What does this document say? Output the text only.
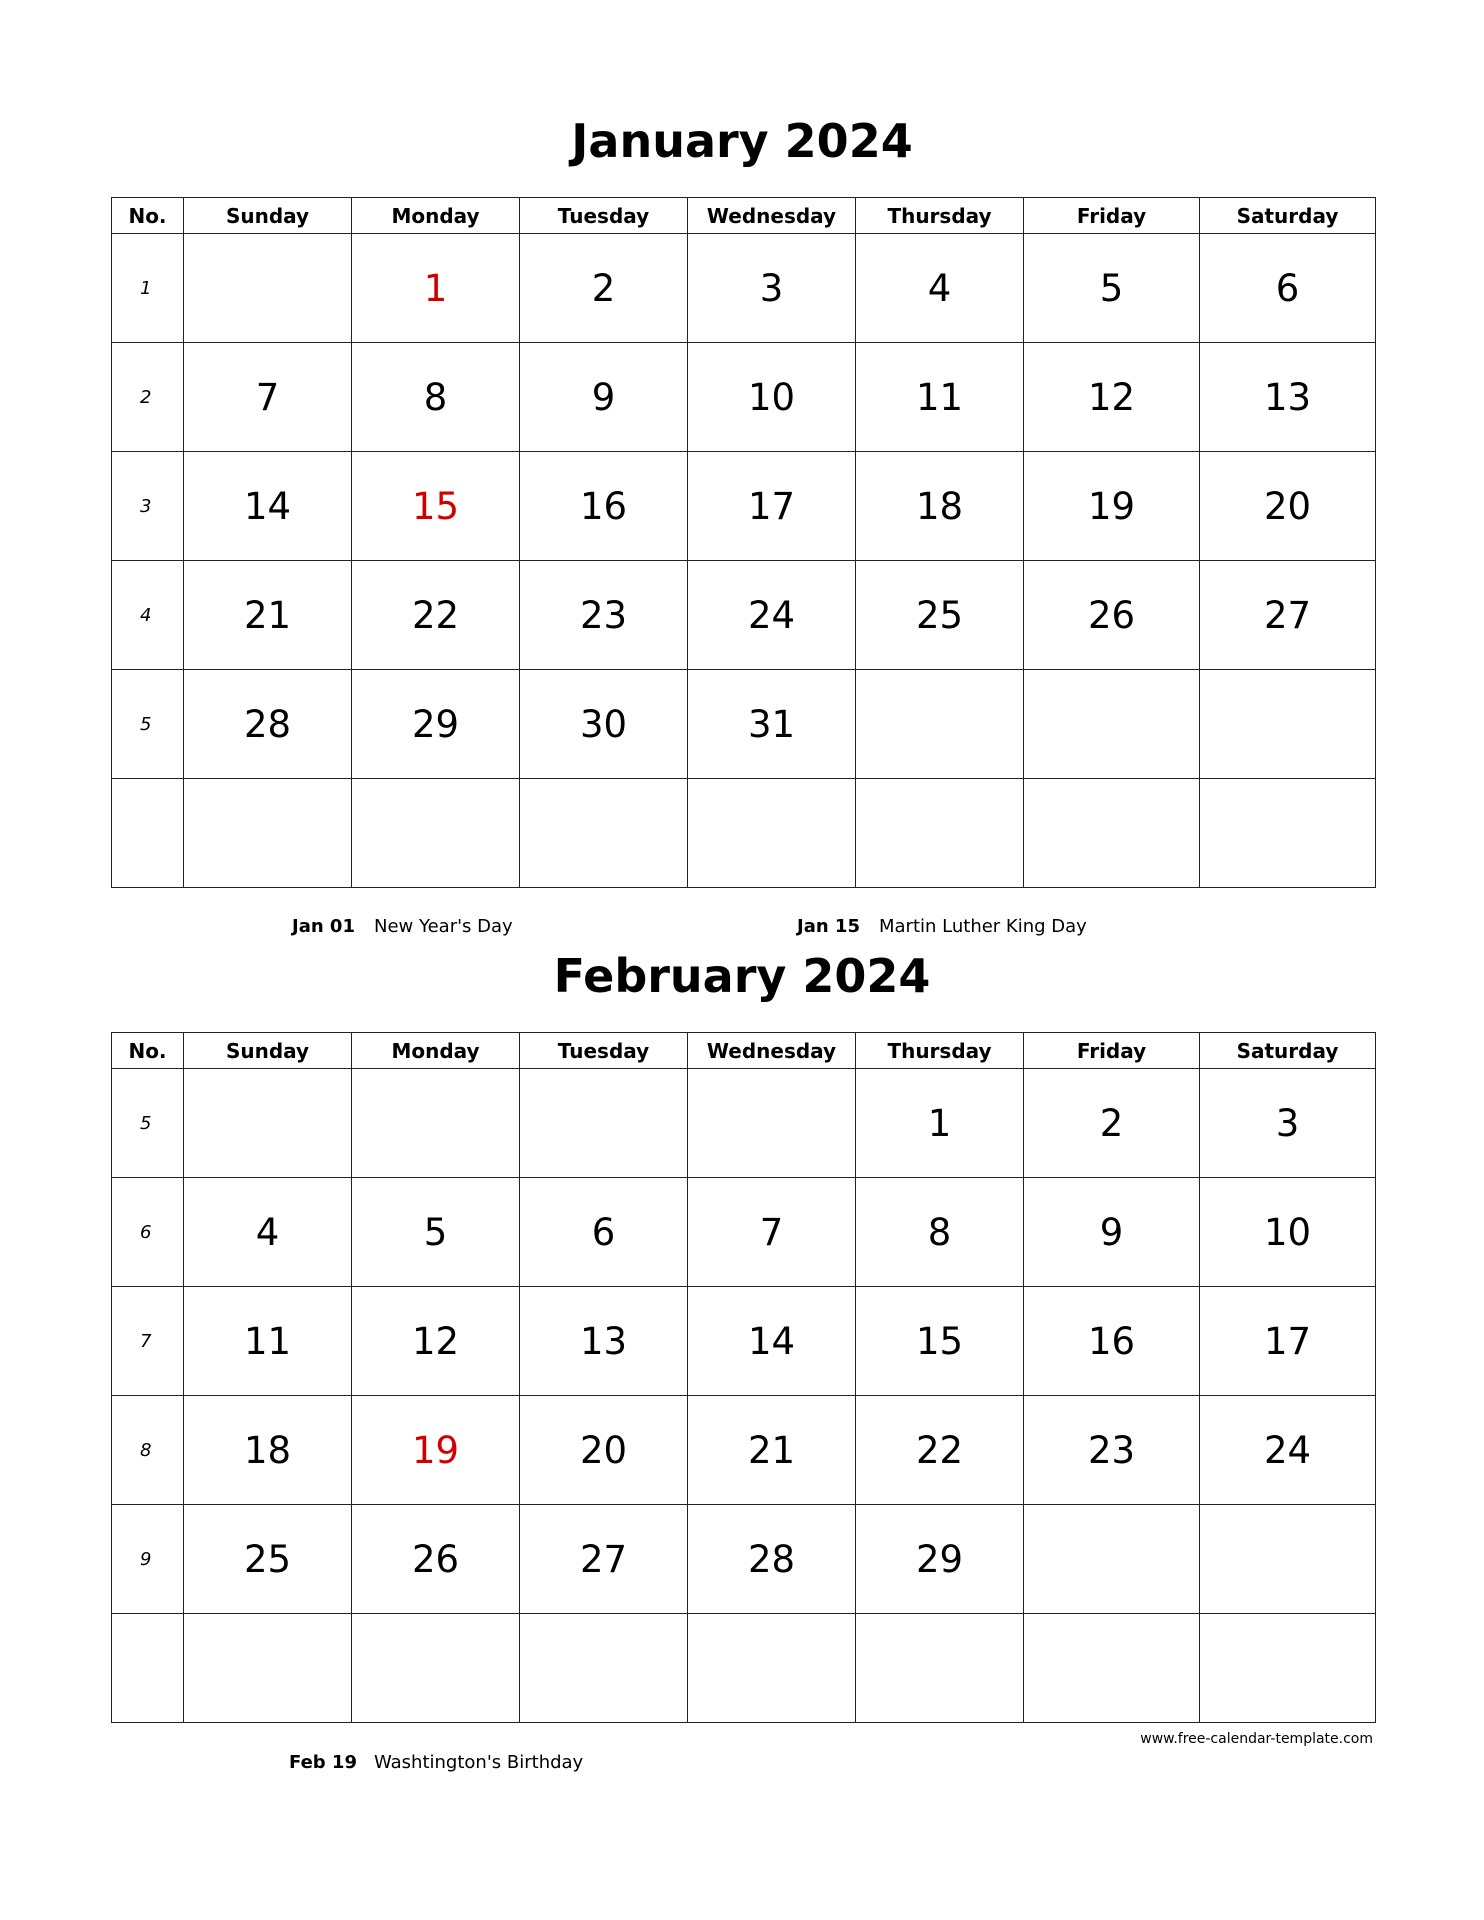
January 2024
No.	Sunday	Monday	Tuesday	Wednesday	Thursday	Friday	Saturday
1		1	2	3	4	5	6
2	7	8	9	10	11	12	13
3	14	15	16	17	18	19	20
4	21	22	23	24	25	26	27
5	28	29	30	31			

Jan 01 New Year's Day	Jan 15 Martin Luther King Day
February 2024
No.	Sunday	Monday	Tuesday	Wednesday	Thursday	Friday	Saturday
5					1	2	3
6	4	5	6	7	8	9	10
7	11	12	13	14	15	16	17
8	18	19	20	21	22	23	24
9	25	26	27	28	29		

www.free-calendar-template.com
Feb 19 Washtington's Birthday
